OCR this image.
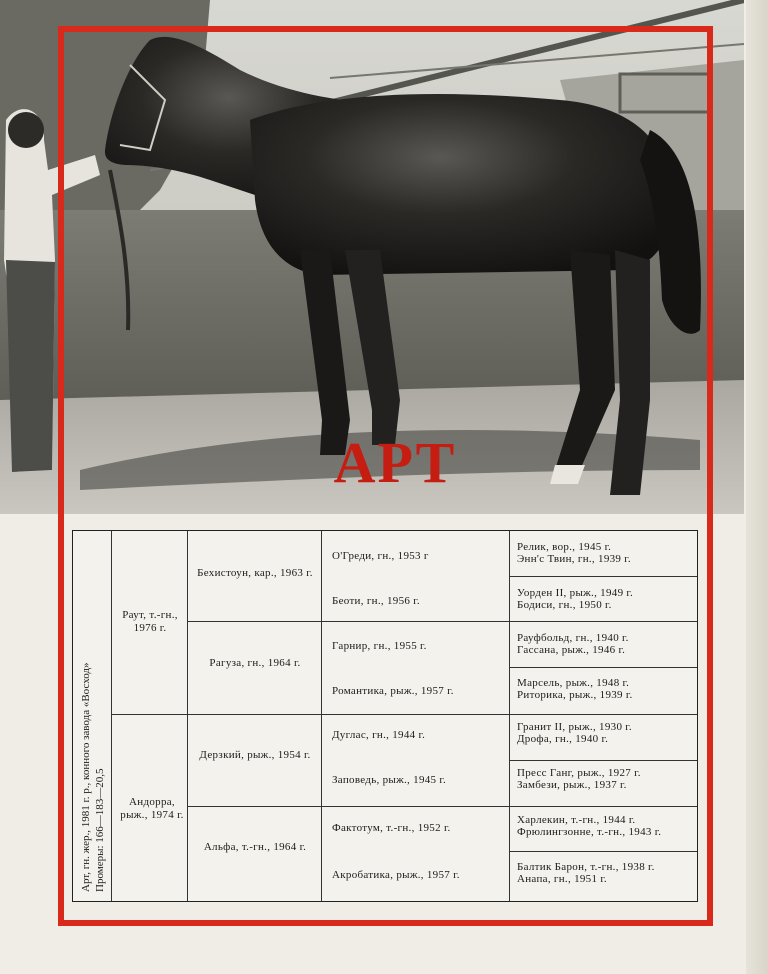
АРТ
Арт, гн. жер., 1981 г. р., конного завода «Восход» Промеры: 166—183—20,5
Раут, т.-гн., 1976 г.
Андорра, рыж., 1974 г.
Бехистоун, кар., 1963 г.
Рагуза, гн., 1964 г.
Дерзкий, рыж., 1954 г.
Альфа, т.-гн., 1964 г.
О'Греди, гн., 1953 г
Беоти, гн., 1956 г.
Гарнир, гн., 1955 г.
Романтика, рыж., 1957 г.
Дуглас, гн., 1944 г.
Заповедь, рыж., 1945 г.
Фактотум, т.-гн., 1952 г.
Акробатика, рыж., 1957 г.
Релик, вор., 1945 г.
Энн'с Твин, гн., 1939 г.
Уорден II, рыж., 1949 г.
Бодиси, гн., 1950 г.
Рауфбольд, гн., 1940 г.
Гассана, рыж., 1946 г.
Марсель, рыж., 1948 г.
Риторика, рыж., 1939 г.
Гранит II, рыж., 1930 г.
Дрофа, гн., 1940 г.
Пресс Ганг, рыж., 1927 г.
Замбези, рыж., 1937 г.
Харлекин, т.-гн., 1944 г.
Фрюлингзонне, т.-гн., 1943 г.
Балтик Барон, т.-гн., 1938 г.
Анапа, гн., 1951 г.
